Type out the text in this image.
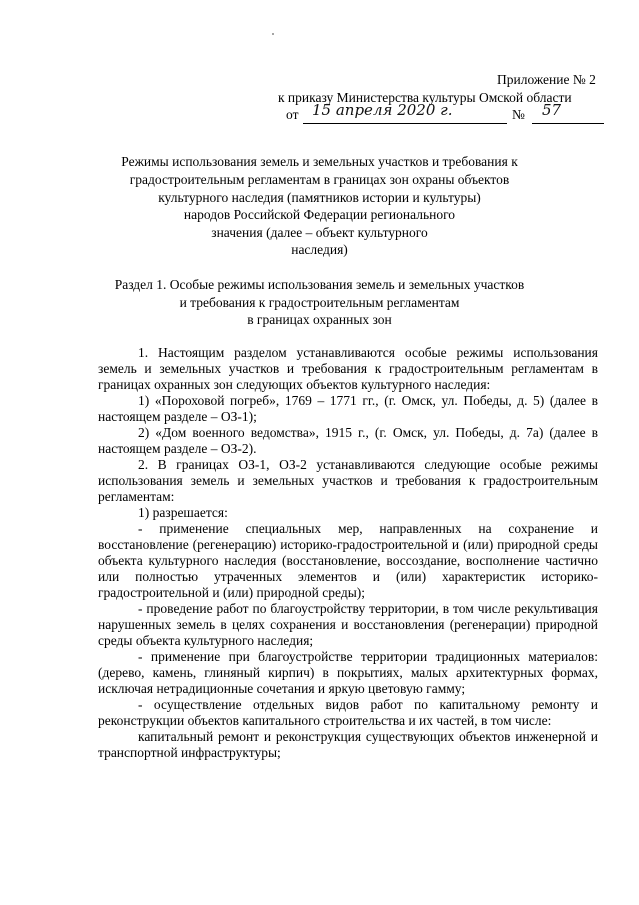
Приложение № 2
к приказу Министерства культуры Омской области
от 15 апреля 2020 г.	№ 57
Режимы использования земель и земельных участков и требования к
градостроительным регламентам в границах зон охраны объектов
культурного наследия (памятников истории и культуры)
народов Российской Федерации регионального
значения (далее – объект культурного
наследия)
Раздел 1. Особые режимы использования земель и земельных участков
и требования к градостроительным регламентам
в границах охранных зон

1. Настоящим разделом устанавливаются особые режимы использования земель и земельных участков и требования к градостроительным регламентам в границах охранных зон следующих объектов культурного наследия:

1) «Пороховой погреб», 1769 – 1771 гг., (г. Омск, ул. Победы, д. 5) (далее в настоящем разделе – ОЗ-1);

2) «Дом военного ведомства», 1915 г., (г. Омск, ул. Победы, д. 7а) (далее в настоящем разделе – ОЗ-2).

2. В границах ОЗ-1, ОЗ-2 устанавливаются следующие особые режимы использования земель и земельных участков и требования к градостроительным регламентам:

1) разрешается:

- применение специальных мер, направленных на сохранение и восстановление (регенерацию) историко-градостроительной и (или) природной среды объекта культурного наследия (восстановление, воссоздание, восполнение частично или полностью утраченных элементов и (или) характеристик историко-градостроительной и (или) природной среды);

- проведение работ по благоустройству территории, в том числе рекультивация нарушенных земель в целях сохранения и восстановления (регенерации) природной среды объекта культурного наследия;

- применение при благоустройстве территории традиционных материалов: (дерево, камень, глиняный кирпич) в покрытиях, малых архитектурных формах, исключая нетрадиционные сочетания и яркую цветовую гамму;

- осуществление отдельных видов работ по капитальному ремонту и реконструкции объектов капитального строительства и их частей, в том числе:

капитальный ремонт и реконструкция существующих объектов инженерной и транспортной инфраструктуры;
